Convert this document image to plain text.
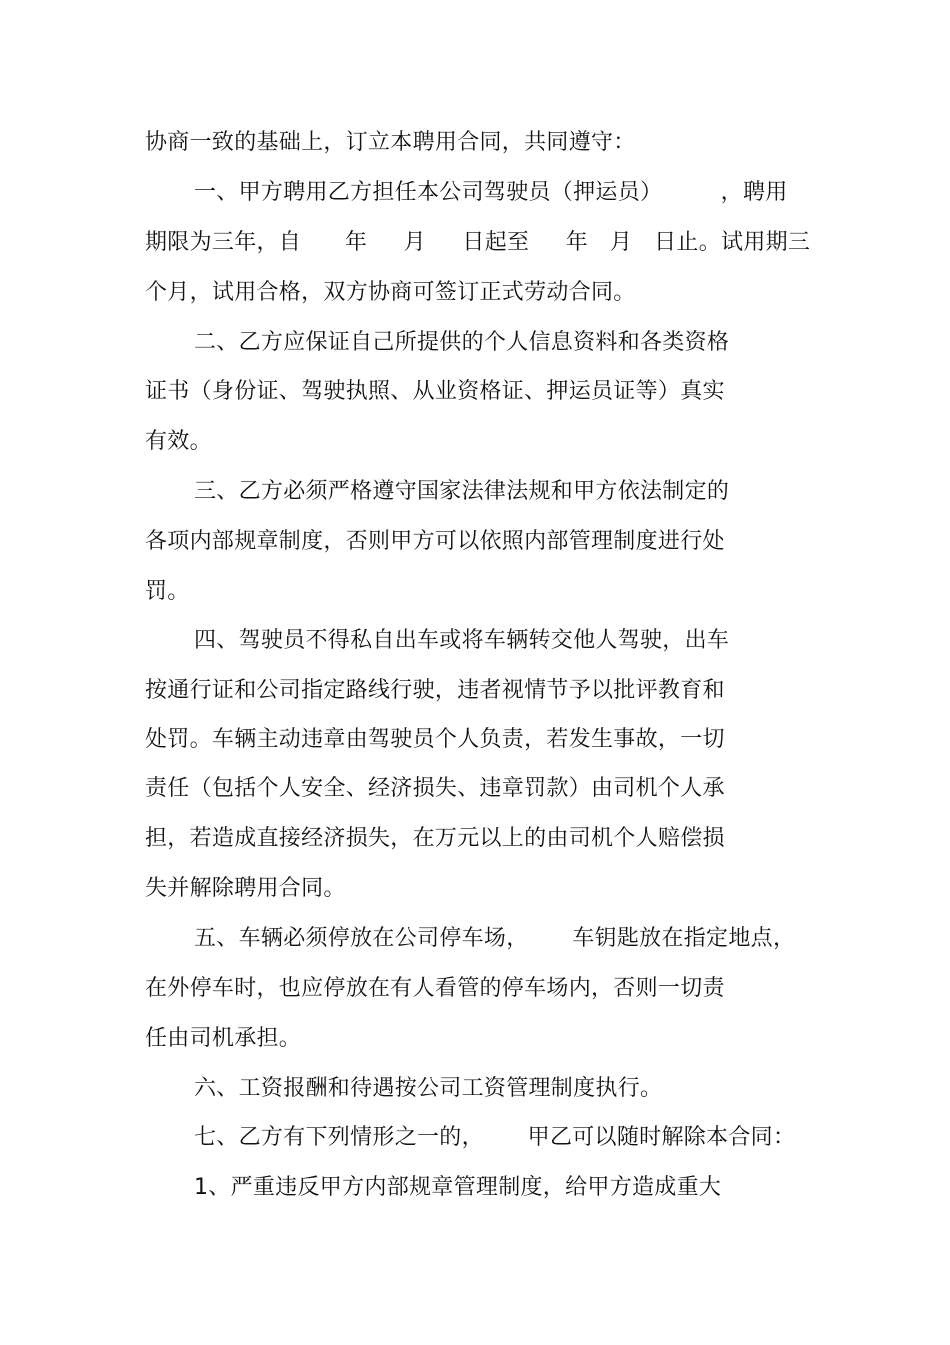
协商一致的基础上，订立本聘用合同，共同遵守：
一、甲方聘用乙方担任本公司驾驶员（押运员）        ，聘用
期限为三年，自      年     月     日起至     年   月   日止。试用期三
个月，试用合格，双方协商可签订正式劳动合同。
二、乙方应保证自己所提供的个人信息资料和各类资格
证书（身份证、驾驶执照、从业资格证、押运员证等）真实
有效。
三、乙方必须严格遵守国家法律法规和甲方依法制定的
各项内部规章制度，否则甲方可以依照内部管理制度进行处
罚。
四、驾驶员不得私自出车或将车辆转交他人驾驶，出车
按通行证和公司指定路线行驶，违者视情节予以批评教育和
处罚。车辆主动违章由驾驶员个人负责，若发生事故，一切
责任（包括个人安全、经济损失、违章罚款）由司机个人承
担，若造成直接经济损失，在万元以上的由司机个人赔偿损
失并解除聘用合同。
五、车辆必须停放在公司停车场，      车钥匙放在指定地点，
在外停车时，也应停放在有人看管的停车场内，否则一切责
任由司机承担。
六、工资报酬和待遇按公司工资管理制度执行。
七、乙方有下列情形之一的，      甲乙可以随时解除本合同：
1、严重违反甲方内部规章管理制度，给甲方造成重大
